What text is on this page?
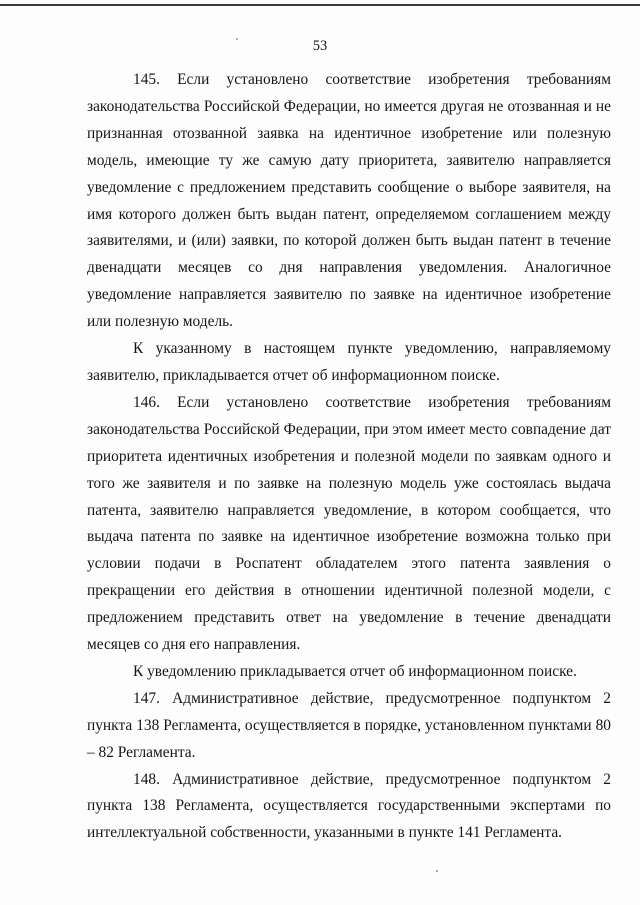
53

145. Если установлено соответствие изобретения требованиям законодательства Российской Федерации, но имеется другая не отозванная и не признанная отозванной заявка на идентичное изобретение или полезную модель, имеющие ту же самую дату приоритета, заявителю направляется уведомление с предложением представить сообщение о выборе заявителя, на имя которого должен быть выдан патент, определяемом соглашением между заявителями, и (или) заявки, по которой должен быть выдан патент в течение двенадцати месяцев со дня направления уведомления. Аналогичное уведомление направляется заявителю по заявке на идентичное изобретение или полезную модель.

К указанному в настоящем пункте уведомлению, направляемому заявителю, прикладывается отчет об информационном поиске.

146. Если установлено соответствие изобретения требованиям законодательства Российской Федерации, при этом имеет место совпадение дат приоритета идентичных изобретения и полезной модели по заявкам одного и того же заявителя и по заявке на полезную модель уже состоялась выдача патента, заявителю направляется уведомление, в котором сообщается, что выдача патента по заявке на идентичное изобретение возможна только при условии подачи в Роспатент обладателем этого патента заявления о прекращении его действия в отношении идентичной полезной модели, с предложением представить ответ на уведомление в течение двенадцати месяцев со дня его направления.

К уведомлению прикладывается отчет об информационном поиске.

147. Административное действие, предусмотренное подпунктом 2 пункта 138 Регламента, осуществляется в порядке, установленном пунктами 80 – 82 Регламента.

148. Административное действие, предусмотренное подпунктом 2 пункта 138 Регламента, осуществляется государственными экспертами по интеллектуальной собственности, указанными в пункте 141 Регламента.
